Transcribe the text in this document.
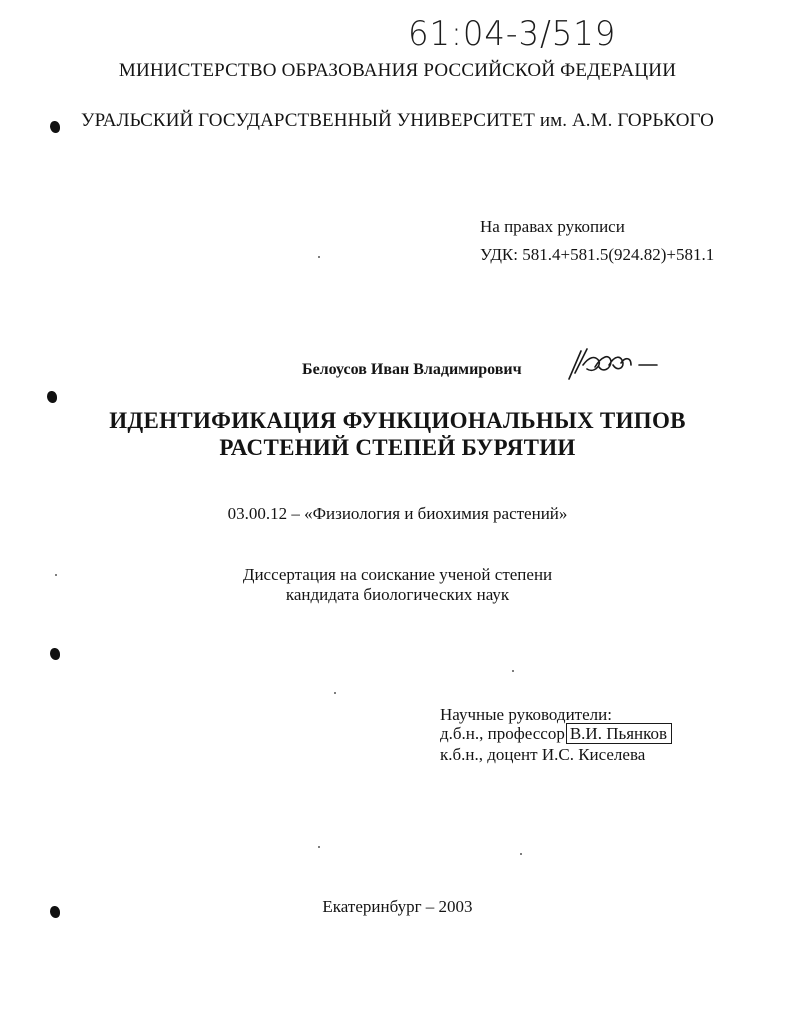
61:04-3/519
МИНИСТЕРСТВО ОБРАЗОВАНИЯ РОССИЙСКОЙ ФЕДЕРАЦИИ
УРАЛЬСКИЙ ГОСУДАРСТВЕННЫЙ УНИВЕРСИТЕТ им. А.М. ГОРЬКОГО
На правах рукописи
УДК: 581.4+581.5(924.82)+581.1
Белоусов Иван Владимирович
ИДЕНТИФИКАЦИЯ ФУНКЦИОНАЛЬНЫХ ТИПОВ
РАСТЕНИЙ СТЕПЕЙ БУРЯТИИ
03.00.12 – «Физиология и биохимия растений»
Диссертация на соискание ученой степени
кандидата биологических наук
Научные руководители:
д.б.н., профессор В.И. Пьянков
к.б.н., доцент И.С. Киселева
Екатеринбург – 2003
